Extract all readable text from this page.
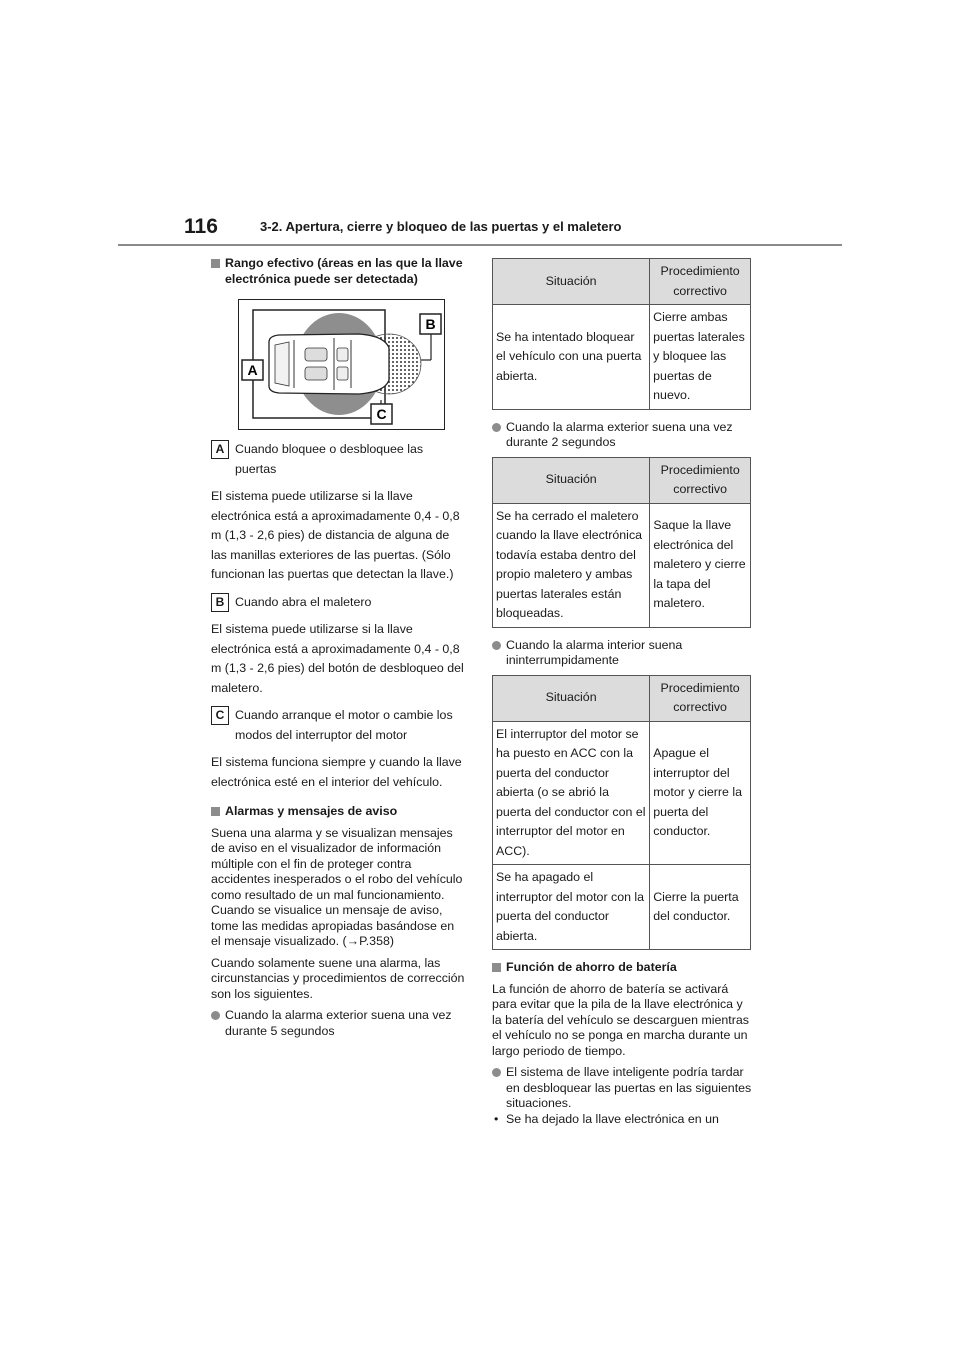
116	3-2. Apertura, cierre y bloqueo de las puertas y el maletero
Rango efectivo (áreas en las que la llave electrónica puede ser detectada)
B
A
C
A Cuando bloquee o desbloquee las puertas

El sistema puede utilizarse si la llave electrónica está a aproximadamente 0,4 - 0,8 m (1,3 - 2,6 pies) de distancia de alguna de las manillas exteriores de las puertas. (Sólo funcionan las puertas que detectan la llave.)

B Cuando abra el maletero

El sistema puede utilizarse si la llave electrónica está a aproximadamente 0,4 - 0,8 m (1,3 - 2,6 pies) del botón de desbloqueo del maletero.

C Cuando arranque el motor o cambie los modos del interruptor del motor

El sistema funciona siempre y cuando la llave electrónica esté en el interior del vehículo.

Alarmas y mensajes de aviso

Suena una alarma y se visualizan mensajes de aviso en el visualizador de información múltiple con el fin de proteger contra accidentes inesperados o el robo del vehículo como resultado de un mal funcionamiento. Cuando se visualice un mensaje de aviso, tome las medidas apropiadas basándose en el mensaje visualizado. (→P.358)

Cuando solamente suene una alarma, las circunstancias y procedimientos de corrección son los siguientes.

Cuando la alarma exterior suena una vez durante 5 segundos
Situación	Procedimiento correctivo
Se ha intentado bloquear el vehículo con una puerta abierta.	Cierre ambas puertas laterales y bloquee las puertas de nuevo.
Cuando la alarma exterior suena una vez durante 2 segundos
Situación	Procedimiento correctivo
Se ha cerrado el maletero cuando la llave electrónica todavía estaba dentro del propio maletero y ambas puertas laterales están bloqueadas.	Saque la llave electrónica del maletero y cierre la tapa del maletero.
Cuando la alarma interior suena ininterrumpidamente
Situación	Procedimiento correctivo
El interruptor del motor se ha puesto en ACC con la puerta del conductor abierta (o se abrió la puerta del conductor con el interruptor del motor en ACC).	Apague el interruptor del motor y cierre la puerta del conductor.
Se ha apagado el interruptor del motor con la puerta del conductor abierta.	Cierre la puerta del conductor.
Función de ahorro de batería

La función de ahorro de batería se activará para evitar que la pila de la llave electrónica y la batería del vehículo se descarguen mientras el vehículo no se ponga en marcha durante un largo periodo de tiempo.

El sistema de llave inteligente podría tardar en desbloquear las puertas en las siguientes situaciones.
• Se ha dejado la llave electrónica en un
